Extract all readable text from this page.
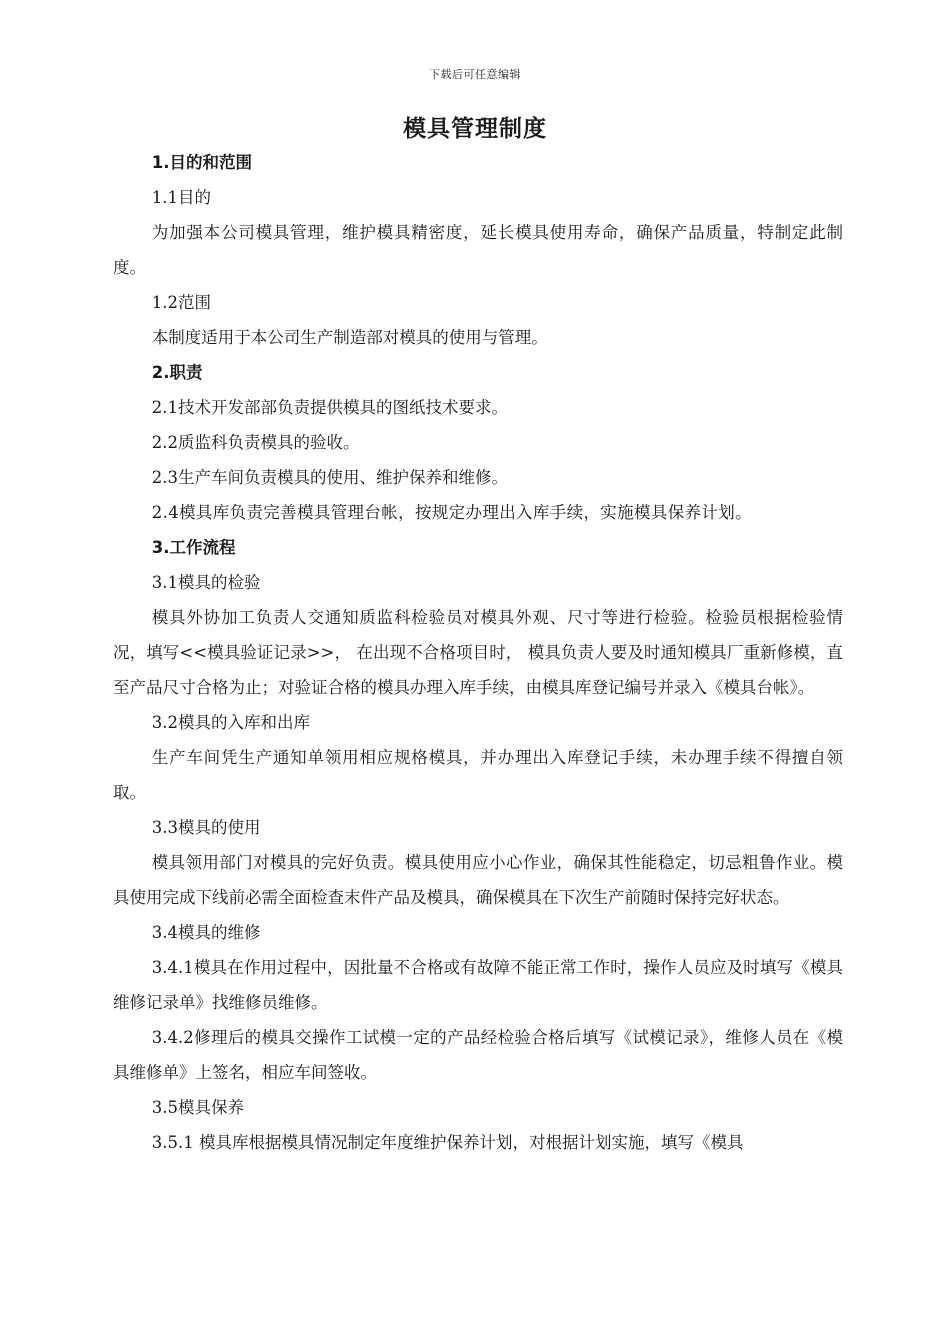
下载后可任意编辑
模具管理制度

1.目的和范围

1.1目的

为加强本公司模具管理，维护模具精密度，延长模具使用寿命，确保产品质量，特制定此制度。

1.2范围

本制度适用于本公司生产制造部对模具的使用与管理。

2.职责

2.1技术开发部部负责提供模具的图纸技术要求。

2.2质监科负责模具的验收。

2.3生产车间负责模具的使用、维护保养和维修。

2.4模具库负责完善模具管理台帐，按规定办理出入库手续，实施模具保养计划。

3.工作流程

3.1模具的检验

模具外协加工负责人交通知质监科检验员对模具外观、尺寸等进行检验。检验员根据检验情况，填写<<模具验证记录>>， 在出现不合格项目时， 模具负责人要及时通知模具厂重新修模，直至产品尺寸合格为止；对验证合格的模具办理入库手续，由模具库登记编号并录入《模具台帐》。

3.2模具的入库和出库

生产车间凭生产通知单领用相应规格模具，并办理出入库登记手续，未办理手续不得擅自领取。

3.3模具的使用

模具领用部门对模具的完好负责。模具使用应小心作业，确保其性能稳定，切忌粗鲁作业。模具使用完成下线前必需全面检查末件产品及模具，确保模具在下次生产前随时保持完好状态。

3.4模具的维修

3.4.1模具在作用过程中，因批量不合格或有故障不能正常工作时，操作人员应及时填写《模具维修记录单》找维修员维修。

3.4.2修理后的模具交操作工试模一定的产品经检验合格后填写《试模记录》，维修人员在《模具维修单》上签名，相应车间签收。

3.5模具保养

3.5.1 模具库根据模具情况制定年度维护保养计划，对根据计划实施，填写《模具
